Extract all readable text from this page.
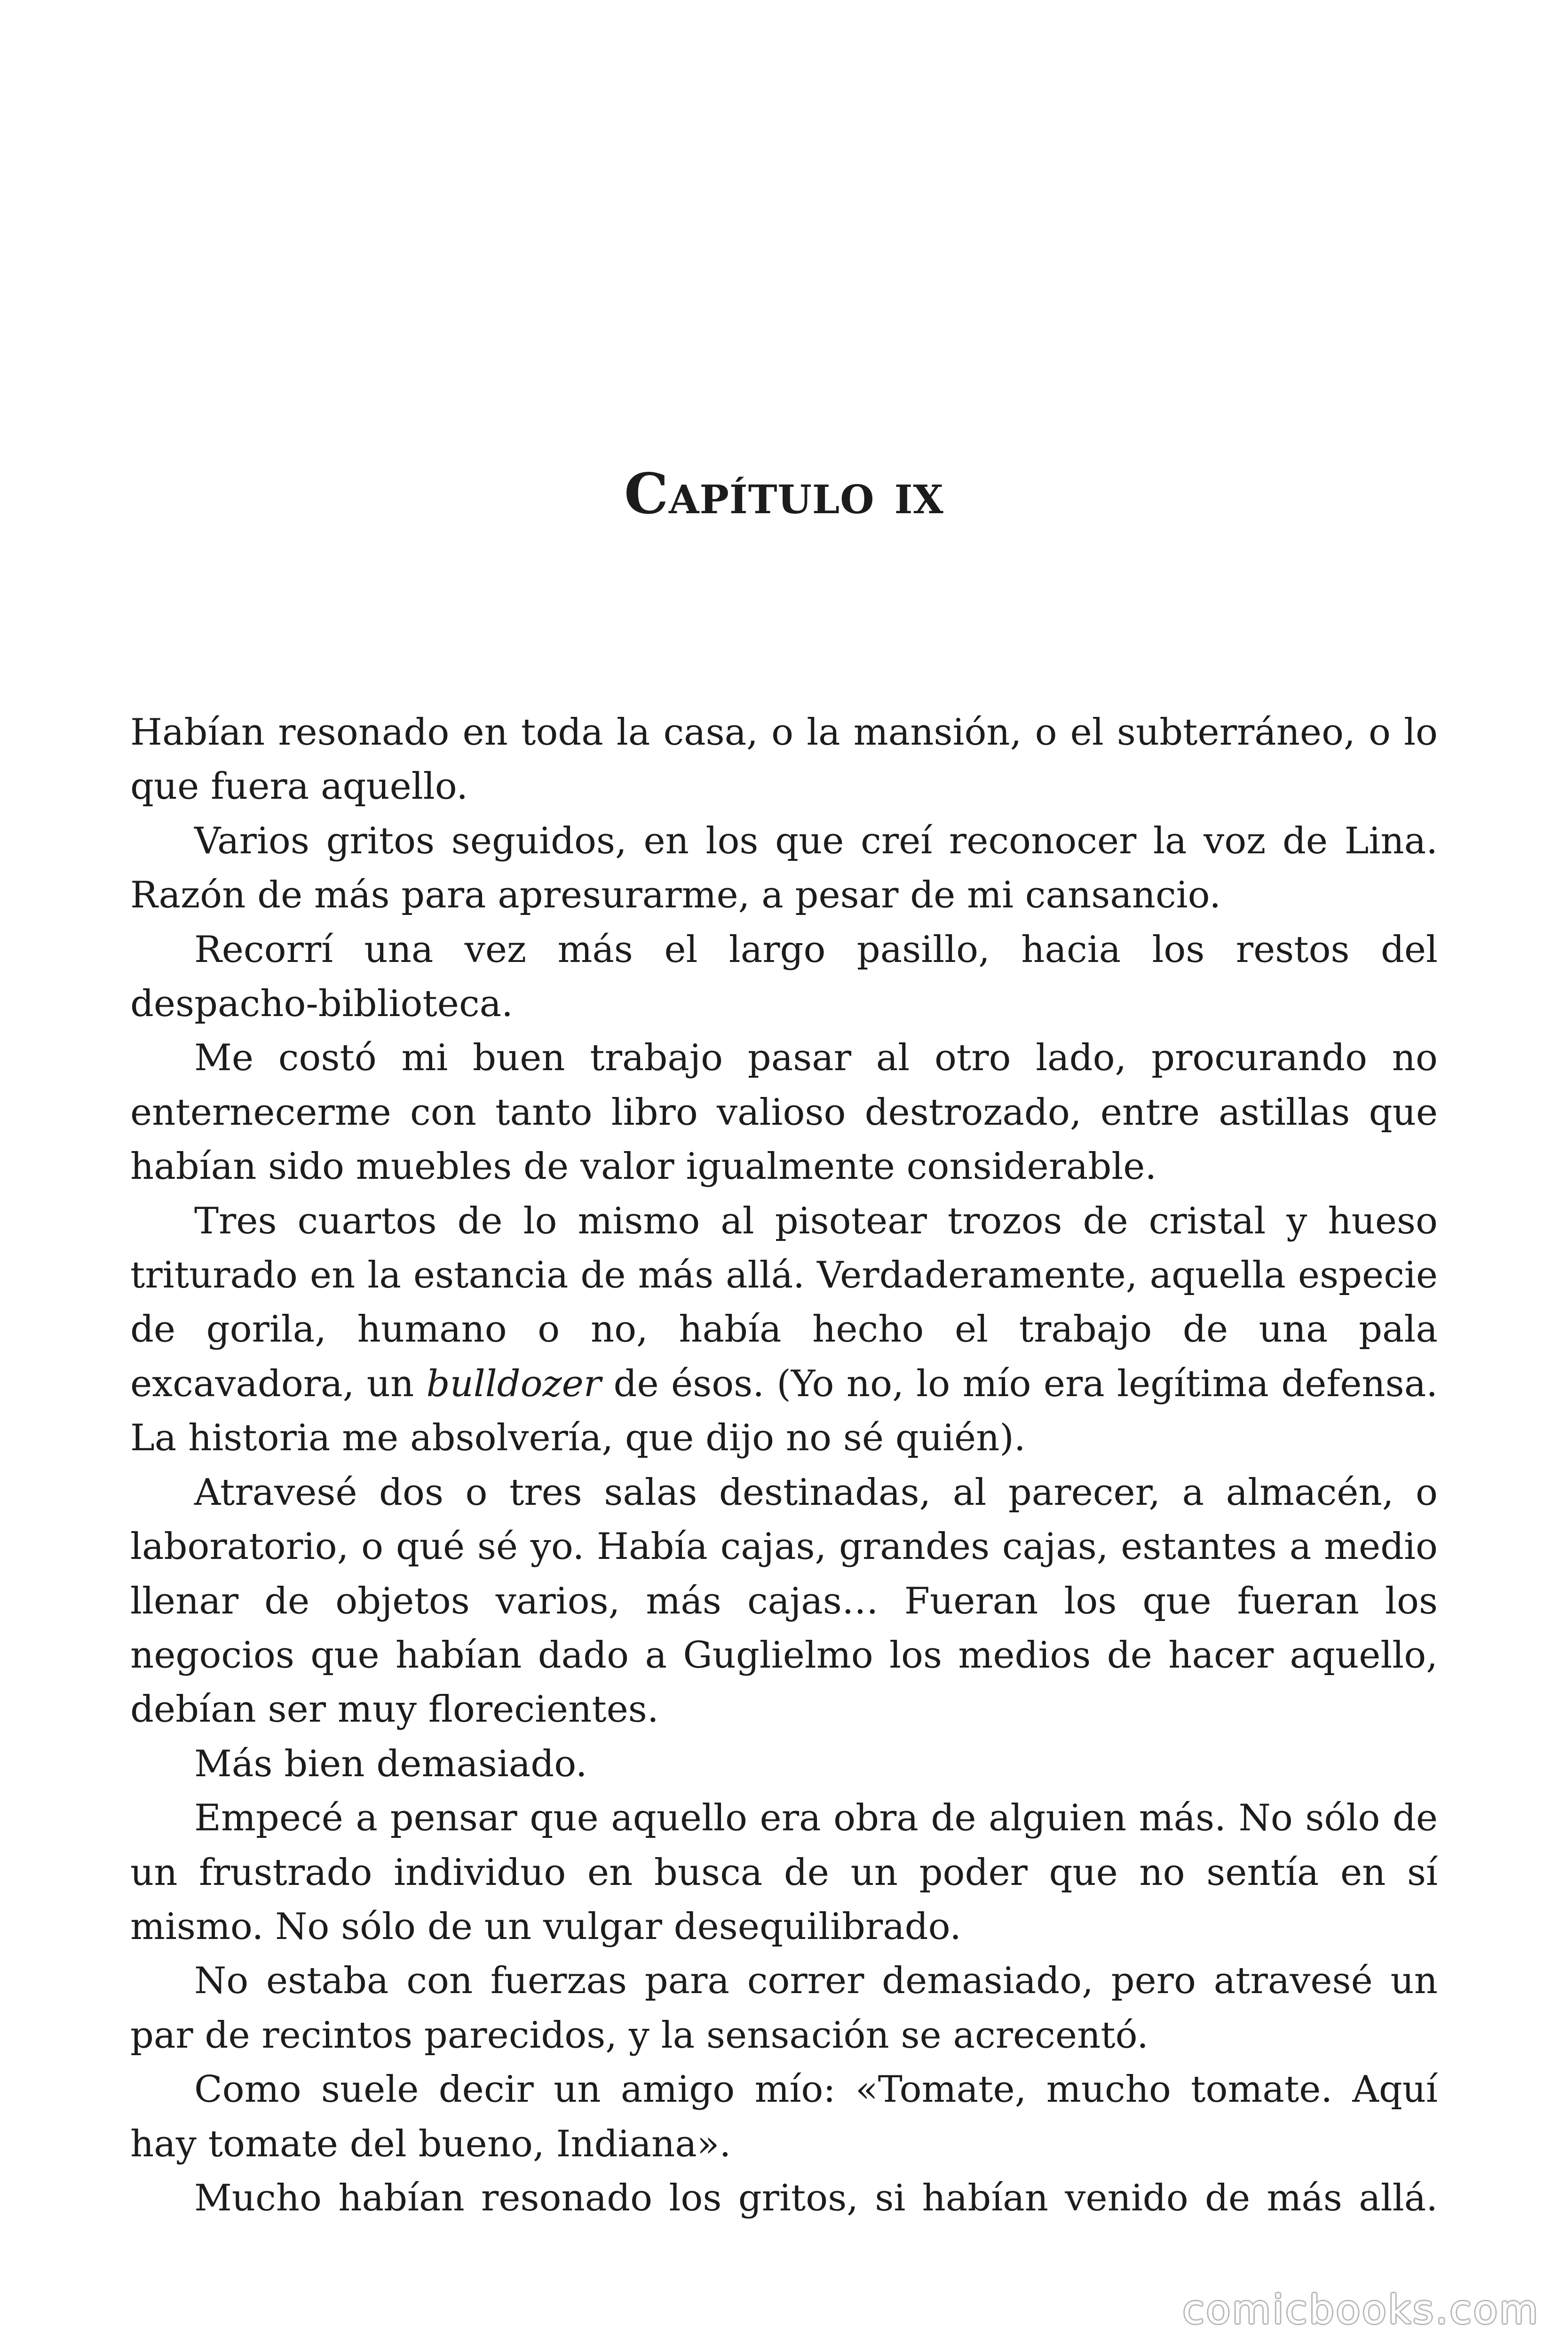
Capítulo ix

Habían resonado en toda la casa, o la mansión, o el subterráneo, o lo que fuera aquello.

Varios gritos seguidos, en los que creí reconocer la voz de Lina. Razón de más para apresurarme, a pesar de mi cansancio.

Recorrí una vez más el largo pasillo, hacia los restos del despacho-biblioteca.

Me costó mi buen trabajo pasar al otro lado, procurando no enternecerme con tanto libro valioso destrozado, entre astillas que habían sido muebles de valor igualmente considerable.

Tres cuartos de lo mismo al pisotear trozos de cristal y hueso triturado en la estancia de más allá. Verdaderamente, aquella especie de gorila, humano o no, había hecho el trabajo de una pala excavadora, un bulldozer de ésos. (Yo no, lo mío era legítima defensa. La historia me absolvería, que dijo no sé quién).

Atravesé dos o tres salas destinadas, al parecer, a almacén, o laboratorio, o qué sé yo. Había cajas, grandes cajas, estantes a medio llenar de objetos varios, más cajas… Fueran los que fueran los negocios que habían dado a Guglielmo los medios de hacer aquello, debían ser muy florecientes.

Más bien demasiado.

Empecé a pensar que aquello era obra de alguien más. No sólo de un frustrado individuo en busca de un poder que no sentía en sí mismo. No sólo de un vulgar desequilibrado.

No estaba con fuerzas para correr demasiado, pero atravesé un par de recintos parecidos, y la sensación se acrecentó.

Como suele decir un amigo mío: «Tomate, mucho tomate. Aquí hay tomate del bueno, Indiana».

Mucho habían resonado los gritos, si habían venido de más allá.

comicbooks.com
